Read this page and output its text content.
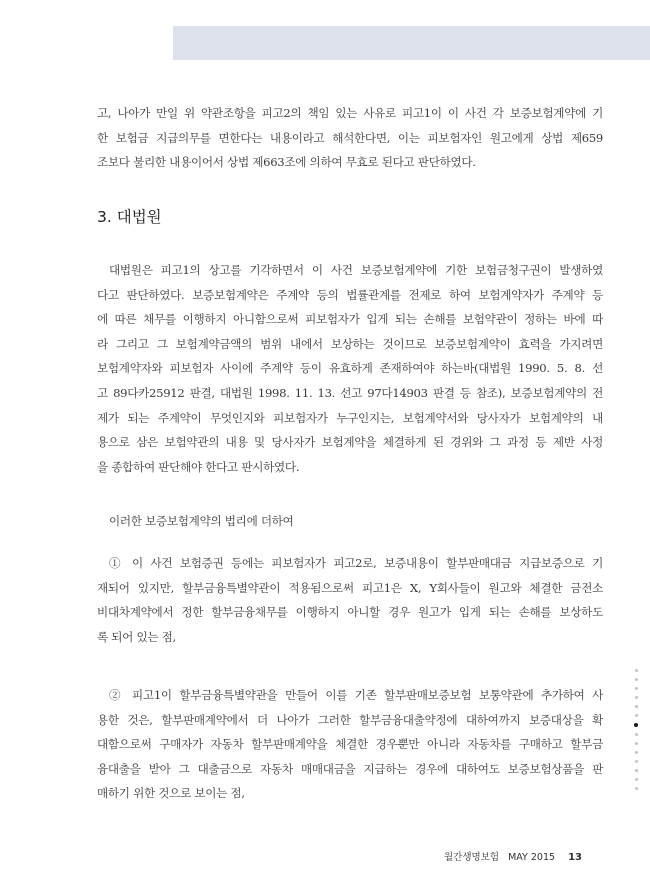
고, 나아가 만일 위 약관조항을 피고2의 책임 있는 사유로 피고1이 이 사건 각 보증보험계약에 기
한 보험금 지급의무를 면한다는 내용이라고 해석한다면, 이는 피보험자인 원고에게 상법 제659
조보다 불리한 내용이어서 상법 제663조에 의하여 무효로 된다고 판단하였다.
3. 대법원
대법원은 피고1의 상고를 기각하면서 이 사건 보증보험계약에 기한 보험금청구권이 발생하였
다고 판단하였다. 보증보험계약은 주계약 등의 법률관계를 전제로 하여 보험계약자가 주계약 등
에 따른 채무를 이행하지 아니함으로써 피보험자가 입게 되는 손해를 보험약관이 정하는 바에 따
라 그리고 그 보험계약금액의 범위 내에서 보상하는 것이므로 보증보험계약이 효력을 가지려면
보험계약자와 피보험자 사이에 주계약 등이 유효하게 존재하여야 하는바(대법원 1990. 5. 8. 선
고 89다카25912 판결, 대법원 1998. 11. 13. 선고 97다14903 판결 등 참조), 보증보험계약의 전
제가 되는 주계약이 무엇인지와 피보험자가 누구인지는, 보험계약서와 당사자가 보험계약의 내
용으로 삼은 보험약관의 내용 및 당사자가 보험계약을 체결하게 된 경위와 그 과정 등 제반 사정
을 종합하여 판단해야 한다고 판시하였다.
이러한 보증보험계약의 법리에 더하여
① 이 사건 보험증권 등에는 피보험자가 피고2로, 보증내용이 할부판매대금 지급보증으로 기
재되어 있지만, 할부금융특별약관이 적용됨으로써 피고1은 X, Y회사들이 원고와 체결한 금전소
비대차계약에서 정한 할부금융채무를 이행하지 아니할 경우 원고가 입게 되는 손해를 보상하도
록 되어 있는 점,
② 피고1이 할부금융특별약관을 만들어 이를 기존 할부판매보증보험 보통약관에 추가하여 사
용한 것은, 할부판매계약에서 더 나아가 그러한 할부금융대출약정에 대하여까지 보증대상을 확
대함으로써 구매자가 자동차 할부판매계약을 체결한 경우뿐만 아니라 자동차를 구매하고 할부금
융대출을 받아 그 대출금으로 자동차 매매대금을 지급하는 경우에 대하여도 보증보험상품을 판
매하기 위한 것으로 보이는 점,
월간생명보험 MAY 2015 13
